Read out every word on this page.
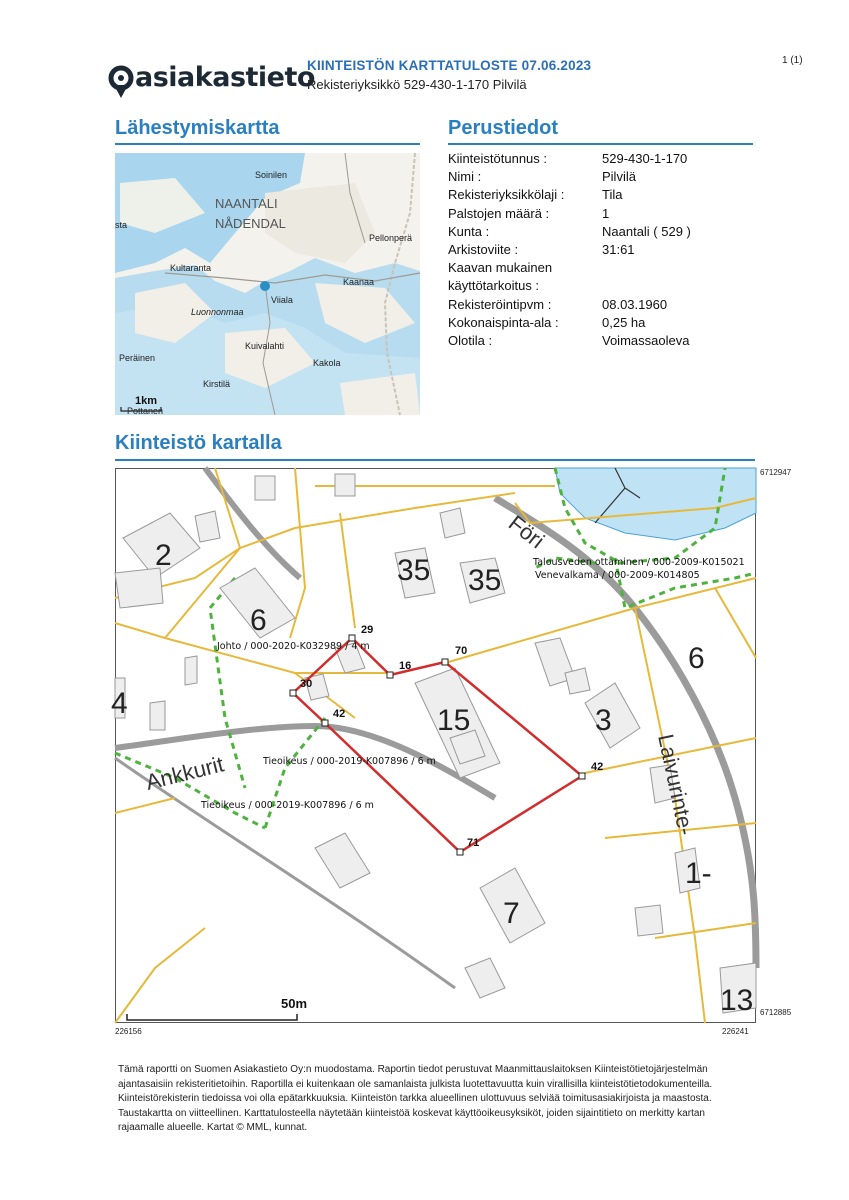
asiakastieto
KIINTEISTÖN KARTTATULOSTE 07.06.2023
Rekisteriyksikkö 529-430-1-170 Pilvilä
1 (1)
Lähestymiskartta
Soinilen
NAANTALI
NÅDENDAL
Pellonperä
Kultaranta
Viiala
Kaanaa
Luonnonmaa
Kuivalahti
Peräinen	Kakola
Kirstilä
Pottanen
sta
1km
Perustiedot
Kiinteistötunnus :	529-430-1-170
Nimi :	Pilvilä
Rekisteriyksikkölaji :	Tila
Palstojen määrä :	1
Kunta :	Naantali ( 529 )
Arkistoviite :	31:61
Kaavan mukainen
käyttötarkoitus :
Rekisteröintipvm :	08.03.1960
Kokonaispinta-ala :	0,25 ha
Olotila :	Voimassaoleva
Kiinteistö kartalla
6712947
6712885
226156	226241
29
16
70
30
42
42
71
2
6
35 35
6
4
15	3
7
1-
13
Föri
Laivurinte-
Ankkurit
Talousveden ottaminen / 000-2009-K015021
Venevalkama / 000-2009-K014805
Johto / 000-2020-K032989 / 4 m
Tieoikeus / 000-2019-K007896 / 6 m
Tieoikeus / 000-2019-K007896 / 6 m
50m
Tämä raportti on Suomen Asiakastieto Oy:n muodostama. Raportin tiedot perustuvat Maanmittauslaitoksen Kiinteistötietojärjestelmän ajantasaisiin rekisteritietoihin. Raportilla ei kuitenkaan ole samanlaista julkista luotettavuutta kuin virallisilla kiinteistötietodokumenteilla. Kiinteistörekisterin tiedoissa voi olla epätarkkuuksia. Kiinteistön tarkka alueellinen ulottuvuus selviää toimitusasiakirjoista ja maastosta. Taustakartta on viitteellinen. Karttatulosteella näytetään kiinteistöä koskevat käyttöoikeusyksiköt, joiden sijaintitieto on merkitty kartan rajaamalle alueelle. Kartat © MML, kunnat.
